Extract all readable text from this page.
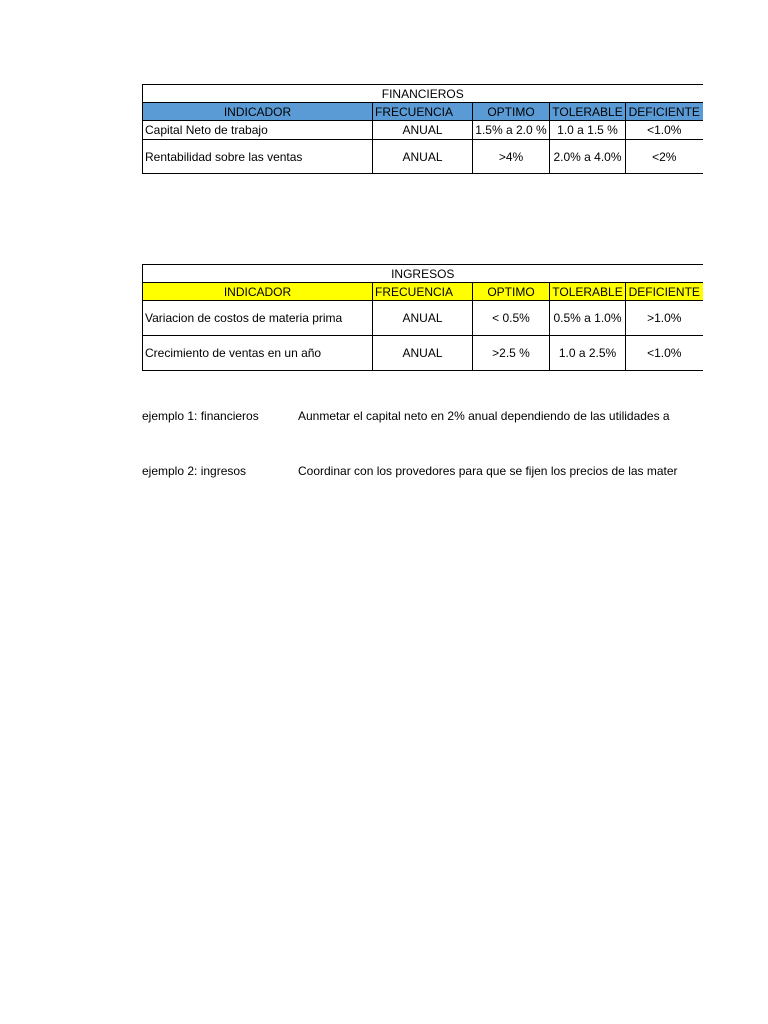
FINANCIEROS				
INDICADOR	FRECUENCIA	OPTIMO	TOLERABLE	DEFICIENTE
Capital Neto de trabajo	ANUAL	1.5% a 2.0 %	1.0 a 1.5 %	<1.0%
Rentabilidad sobre las ventas	ANUAL	>4%	2.0% a 4.0%	<2%
INGRESOS				
INDICADOR	FRECUENCIA	OPTIMO	TOLERABLE	DEFICIENTE
Variacion de costos de materia prima	ANUAL	< 0.5%	0.5% a 1.0%	>1.0%
Crecimiento de ventas en un año	ANUAL	>2.5 %	1.0 a 2.5%	<1.0%
ejemplo 1: financieros	Aunmetar el capital neto en 2% anual dependiendo de las utilidades a
ejemplo 2: ingresos	Coordinar con los provedores para que se fijen los precios de las mater
